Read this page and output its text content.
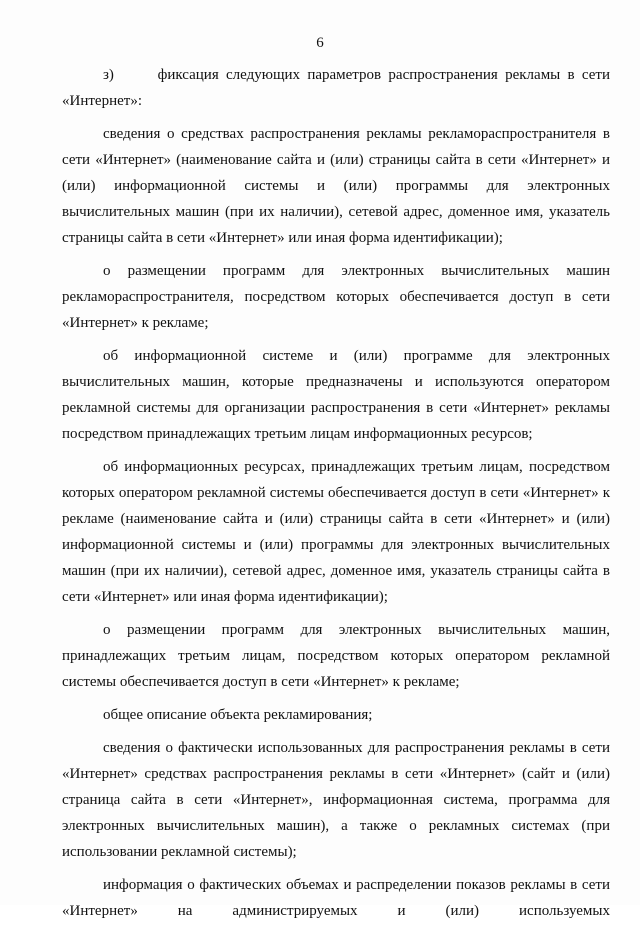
6

з)      фиксация следующих параметров распространения рекламы в сети «Интернет»:

сведения о средствах распространения рекламы рекламораспространителя в сети «Интернет» (наименование сайта и (или) страницы сайта в сети «Интернет» и (или) информационной системы и (или) программы для электронных вычислительных машин (при их наличии), сетевой адрес, доменное имя, указатель страницы сайта в сети «Интернет» или иная форма идентификации);

о размещении программ для электронных вычислительных машин рекламораспространителя, посредством которых обеспечивается доступ в сети «Интернет» к рекламе;

об информационной системе и (или) программе для электронных вычислительных машин, которые предназначены и используются оператором рекламной системы для организации распространения в сети «Интернет» рекламы посредством принадлежащих третьим лицам информационных ресурсов;

об информационных ресурсах, принадлежащих третьим лицам, посредством которых оператором рекламной системы обеспечивается доступ в сети «Интернет» к рекламе (наименование сайта и (или) страницы сайта в сети «Интернет» и (или) информационной системы и (или) программы для электронных вычислительных машин (при их наличии), сетевой адрес, доменное имя, указатель страницы сайта в сети «Интернет» или иная форма идентификации);

о размещении программ для электронных вычислительных машин, принадлежащих третьим лицам, посредством которых оператором рекламной системы обеспечивается доступ в сети «Интернет» к рекламе;

общее описание объекта рекламирования;

сведения о фактически использованных для распространения рекламы в сети «Интернет» средствах распространения рекламы в сети «Интернет» (сайт и (или) страница сайта в сети «Интернет», информационная система, программа для электронных вычислительных машин), а также о рекламных системах (при использовании рекламной системы);

информация о фактических объемах и распределении показов рекламы в сети «Интернет» на администрируемых и (или) используемых
